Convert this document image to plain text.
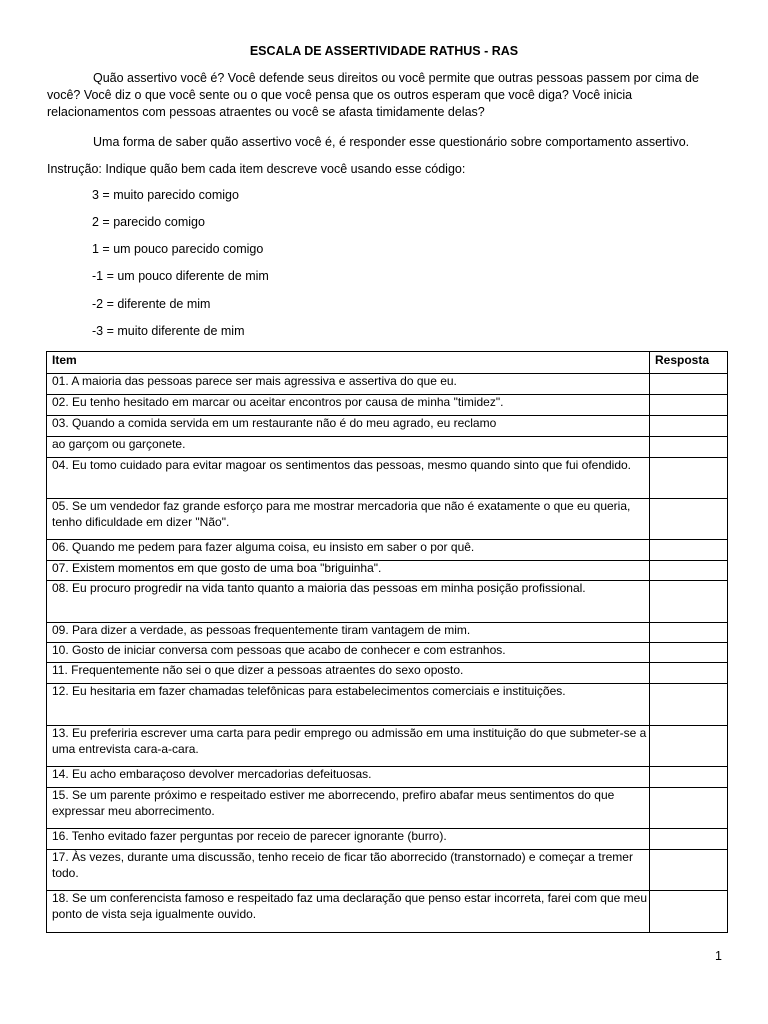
ESCALA DE ASSERTIVIDADE RATHUS - RAS
Quão assertivo você é? Você defende seus direitos ou você permite que outras pessoas passem por cima de você? Você diz o que você sente ou o que você pensa que os outros esperam que você diga? Você inicia relacionamentos com pessoas atraentes ou você se afasta timidamente delas?
Uma forma de saber quão assertivo você é, é responder esse questionário sobre comportamento assertivo.
Instrução: Indique quão bem cada item descreve você usando esse código:
3 = muito parecido comigo
2 = parecido comigo
1 = um pouco parecido comigo
-1 = um pouco diferente de mim
-2 = diferente de mim
-3 = muito diferente de mim
Item	Resposta
01. A maioria das pessoas parece ser mais agressiva e assertiva do que eu.	
02. Eu tenho hesitado em marcar ou aceitar encontros por causa de minha "timidez".	
03. Quando a comida servida em um restaurante não é do meu agrado, eu reclamo	
ao garçom ou garçonete.	
04. Eu tomo cuidado para evitar magoar os sentimentos das pessoas, mesmo quando sinto que fui ofendido.	
05. Se um vendedor faz grande esforço para me mostrar mercadoria que não é exatamente o que eu queria, tenho dificuldade em dizer "Não".	
06. Quando me pedem para fazer alguma coisa, eu insisto em saber o por quê.	
07. Existem momentos em que gosto de uma boa "briguinha".	
08. Eu procuro progredir na vida tanto quanto a maioria das pessoas em minha posição profissional.	
09. Para dizer a verdade, as pessoas frequentemente tiram vantagem de mim.	
10. Gosto de iniciar conversa com pessoas que acabo de conhecer e com estranhos.	
11. Frequentemente não sei o que dizer a pessoas atraentes do sexo oposto.	
12. Eu hesitaria em fazer chamadas telefônicas para estabelecimentos comerciais e instituições.	
13. Eu preferiria escrever uma carta para pedir emprego ou admissão em uma instituição do que submeter-se a uma entrevista cara-a-cara.	
14. Eu acho embaraçoso devolver mercadorias defeituosas.	
15. Se um parente próximo e respeitado estiver me aborrecendo, prefiro abafar meus sentimentos do que expressar meu aborrecimento.	
16. Tenho evitado fazer perguntas por receio de parecer ignorante (burro).	
17. Às vezes, durante uma discussão, tenho receio de ficar tão aborrecido (transtornado) e começar a tremer todo.	
18. Se um conferencista famoso e respeitado faz uma declaração que penso estar incorreta, farei com que meu ponto de vista seja igualmente ouvido.	
1
